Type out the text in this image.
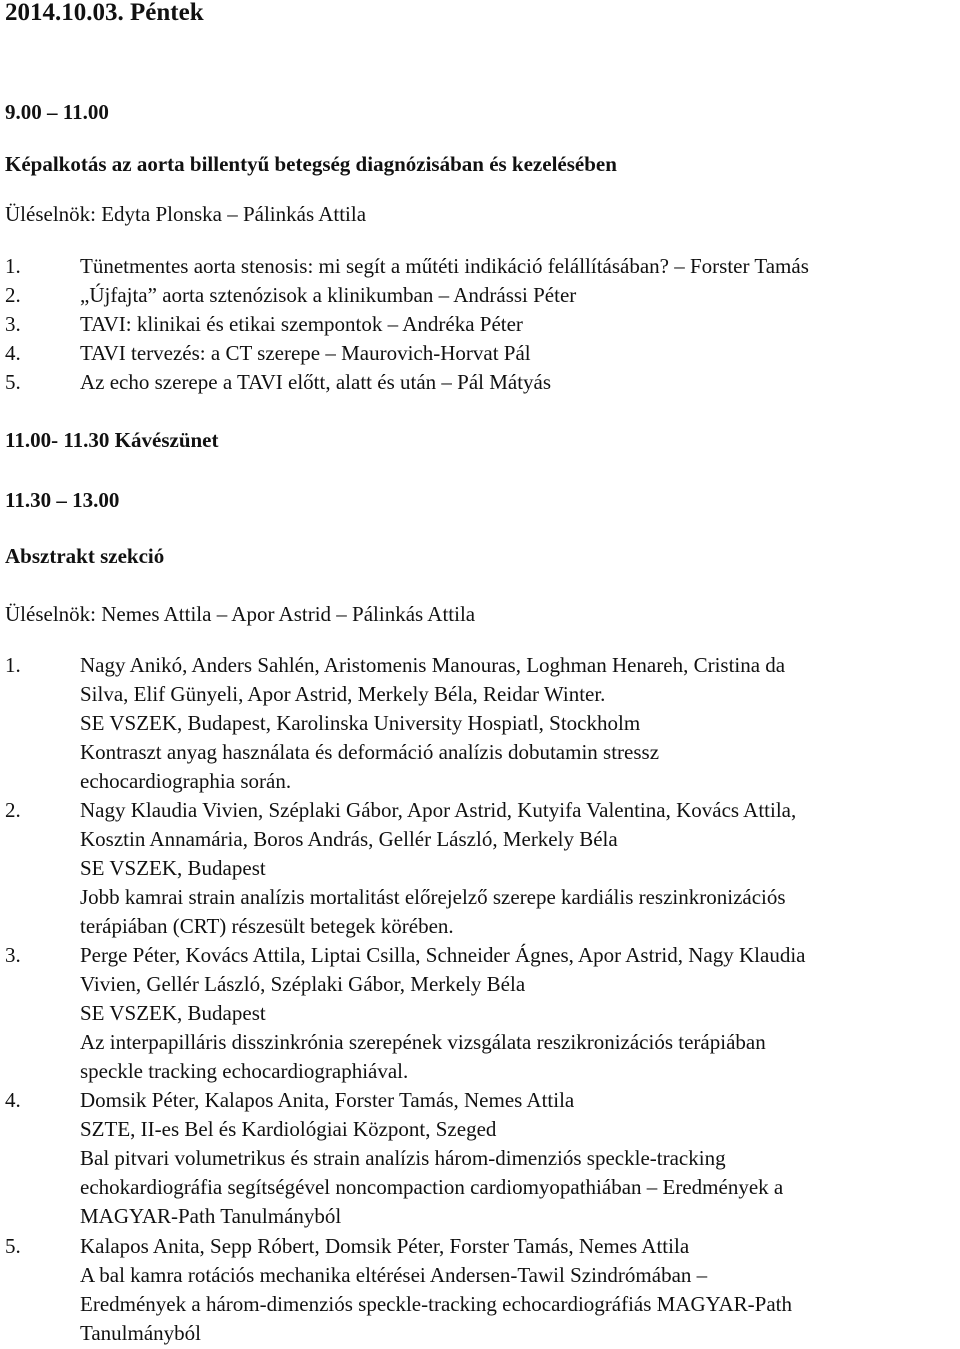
2014.10.03. Péntek
9.00 – 11.00
Képalkotás az aorta billentyű betegség diagnózisában és kezelésében
Üléselnök: Edyta Plonska – Pálinkás Attila
1.	Tünetmentes aorta stenosis: mi segít a műtéti indikáció felállításában? – Forster Tamás
2.	„Újfajta” aorta sztenózisok a klinikumban – Andrássi Péter
3.	TAVI: klinikai és etikai szempontok – Andréka Péter
4.	TAVI tervezés: a CT szerepe – Maurovich-Horvat Pál
5.	Az echo szerepe a TAVI előtt, alatt és után – Pál Mátyás
11.00- 11.30 Kávészünet
11.30 – 13.00
Absztrakt szekció
Üléselnök: Nemes Attila – Apor Astrid – Pálinkás Attila
1.	Nagy Anikó, Anders Sahlén, Aristomenis Manouras, Loghman Henareh, Cristina da
Silva, Elif Günyeli, Apor Astrid, Merkely Béla, Reidar Winter.
SE VSZEK, Budapest, Karolinska University Hospiatl, Stockholm
Kontraszt anyag használata és deformáció analízis dobutamin stressz
echocardiographia során.
2.	Nagy Klaudia Vivien, Széplaki Gábor, Apor Astrid, Kutyifa Valentina, Kovács Attila,
Kosztin Annamária, Boros András, Gellér László, Merkely Béla
SE VSZEK, Budapest
Jobb kamrai strain analízis mortalitást előrejelző szerepe kardiális reszinkronizációs
terápiában (CRT) részesült betegek körében.
3.	Perge Péter, Kovács Attila, Liptai Csilla, Schneider Ágnes, Apor Astrid, Nagy Klaudia
Vivien, Gellér László, Széplaki Gábor, Merkely Béla
SE VSZEK, Budapest
Az interpapilláris disszinkrónia szerepének vizsgálata reszikronizációs terápiában
speckle tracking echocardiographiával.
4.	Domsik Péter, Kalapos Anita, Forster Tamás, Nemes Attila
SZTE, II-es Bel és Kardiológiai Központ, Szeged
Bal pitvari volumetrikus és strain analízis három-dimenziós speckle-tracking
echokardiográfia segítségével noncompaction cardiomyopathiában – Eredmények a
MAGYAR-Path Tanulmányból
5.	Kalapos Anita, Sepp Róbert, Domsik Péter, Forster Tamás, Nemes Attila
A bal kamra rotációs mechanika eltérései Andersen-Tawil Szindrómában –
Eredmények a három-dimenziós speckle-tracking echocardiográfiás MAGYAR-Path
Tanulmányból
